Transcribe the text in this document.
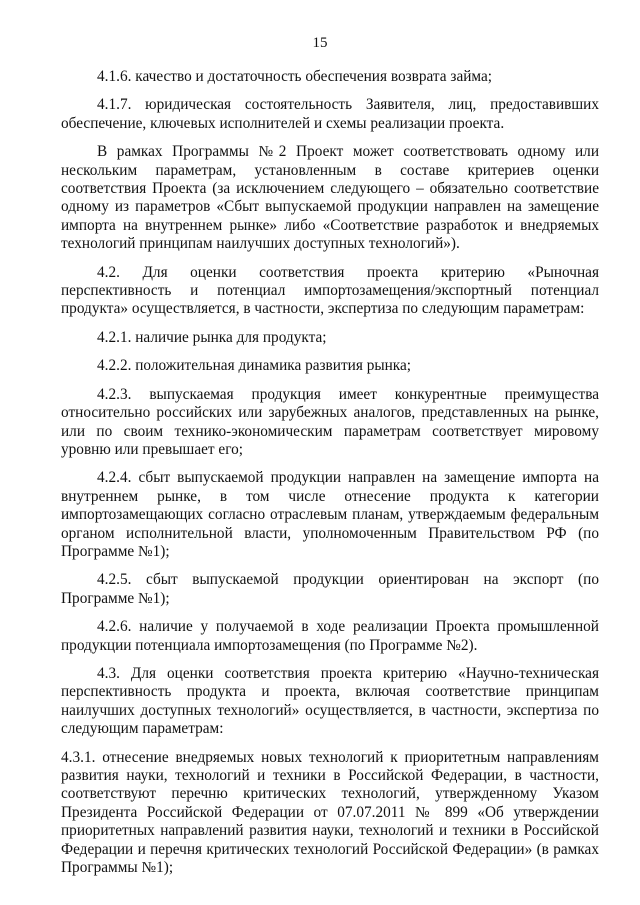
15

4.1.6. качество и достаточность обеспечения возврата займа;

4.1.7. юридическая состоятельность Заявителя, лиц, предоставивших обеспечение, ключевых исполнителей и схемы реализации проекта.

В рамках Программы №2 Проект может соответствовать одному или нескольким параметрам, установленным в составе критериев оценки соответствия Проекта (за исключением следующего – обязательно соответствие одному из параметров «Сбыт выпускаемой продукции направлен на замещение импорта на внутреннем рынке» либо «Соответствие разработок и внедряемых технологий принципам наилучших доступных технологий»).

4.2. Для оценки соответствия проекта критерию «Рыночная перспективность и потенциал импортозамещения/экспортный потенциал продукта» осуществляется, в частности, экспертиза по следующим параметрам:

4.2.1. наличие рынка для продукта;

4.2.2. положительная динамика развития рынка;

4.2.3. выпускаемая продукция имеет конкурентные преимущества относительно российских или зарубежных аналогов, представленных на рынке, или по своим технико-экономическим параметрам соответствует мировому уровню или превышает его;

4.2.4. сбыт выпускаемой продукции направлен на замещение импорта на внутреннем рынке, в том числе отнесение продукта к категории импортозамещающих согласно отраслевым планам, утверждаемым федеральным органом исполнительной власти, уполномоченным Правительством РФ (по Программе №1);

4.2.5. сбыт выпускаемой продукции ориентирован на экспорт (по Программе №1);

4.2.6. наличие у получаемой в ходе реализации Проекта промышленной продукции потенциала импортозамещения (по Программе №2).

4.3. Для оценки соответствия проекта критерию «Научно-техническая перспективность продукта и проекта, включая соответствие принципам наилучших доступных технологий» осуществляется, в частности, экспертиза по следующим параметрам:

4.3.1. отнесение внедряемых новых технологий к приоритетным направлениям развития науки, технологий и техники в Российской Федерации, в частности, соответствуют перечню критических технологий, утвержденному Указом Президента Российской Федерации от 07.07.2011 № 899 «Об утверждении приоритетных направлений развития науки, технологий и техники в Российской Федерации и перечня критических технологий Российской Федерации» (в рамках Программы №1);
